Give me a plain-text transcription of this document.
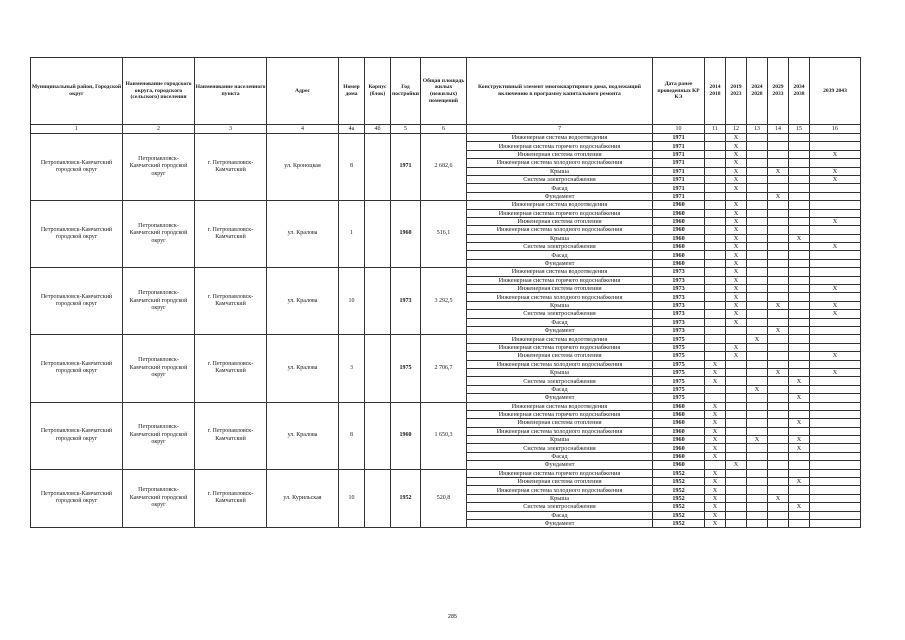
Муниципальный район, Городской округ	Наименование городского округа, городского (сельского) поселения	Наименование населенного пункта	Адрес	Номер дома	Корпус (блок)	Год постройки	Общая площадь жилых (нежилых) помещений	Конструктивный элемент многоквартирного дома, подлежащий включению в программу капитального ремонта	Дата ранее проведенных КР КЭ	2014 2018	2019 2023	2024 2028	2029 2033	2034 2038	2039 2043
1	2	3	4	4а	4б	5	6	7	10	11	12	13	14	15	16
Петропавловск-Камчатский городской округ	Петропавловск-Камчатский городской округ	г. Петропавловск-Камчатский	ул. Кроноцкая	8		1971	2 682,6	Инженерная система водоотведения	1971		X				
								Инженерная система горячего водоснабжения	1971		X				
								Инженерная система отопления	1971		X				X
								Инженерная система холодного водоснабжения	1971		X				
								Крыша	1971		X		X		X
								Система электроснабжения	1971		X				X
								Фасад	1971		X				
								Фундамент	1971				X		
Петропавловск-Камчатский городской округ	Петропавловск-Камчатский городской округ	г. Петропавловск-Камчатский	ул. Кралова	1		1960	516,1	Инженерная система водоотведения	1960		X				
								Инженерная система горячего водоснабжения	1960		X				
								Инженерная система отопления	1960		X				X
								Инженерная система холодного водоснабжения	1960		X				
								Крыша	1960		X			X	
								Система электроснабжения	1960		X				X
								Фасад	1960		X				
								Фундамент	1960		X				
Петропавловск-Камчатский городской округ	Петропавловск-Камчатский городской округ	г. Петропавловск-Камчатский	ул. Кралова	10		1973	3 292,5	Инженерная система водоотведения	1973		X				
								Инженерная система горячего водоснабжения	1973		X				
								Инженерная система отопления	1973		X				X
								Инженерная система холодного водоснабжения	1973		X				
								Крыша	1973		X		X		X
								Система электроснабжения	1973		X				X
								Фасад	1973		X				
								Фундамент	1973				X		
Петропавловск-Камчатский городской округ	Петропавловск-Камчатский городской округ	г. Петропавловск-Камчатский	ул. Кралова	3		1975	2 706,7	Инженерная система водоотведения	1975			X			
								Инженерная система горячего водоснабжения	1975		X				
								Инженерная система отопления	1975		X				X
								Инженерная система холодного водоснабжения	1975	X					
								Крыша	1975	X			X		X
								Система электроснабжения	1975	X				X	
								Фасад	1975			X			
								Фундамент	1975					X	
Петропавловск-Камчатский городской округ	Петропавловск-Камчатский городской округ	г. Петропавловск-Камчатский	ул. Кралова	8		1960	1 650,3	Инженерная система водоотведения	1960	X					
								Инженерная система горячего водоснабжения	1960	X					
								Инженерная система отопления	1960	X				X	
								Инженерная система холодного водоснабжения	1960	X					
								Крыша	1960	X		X		X	
								Система электроснабжения	1960	X				X	
								Фасад	1960	X					
								Фундамент	1960		X				
Петропавловск-Камчатский городской округ	Петропавловск-Камчатский городской округ	г. Петропавловск-Камчатский	ул. Курильская	10		1952	520,8	Инженерная система горячего водоснабжения	1952	X					
								Инженерная система отопления	1952	X				X	
								Инженерная система холодного водоснабжения	1952	X					
								Крыша	1952	X			X		
								Система электроснабжения	1952	X				X	
								Фасад	1952	X					
								Фундамент	1952	X					
285
